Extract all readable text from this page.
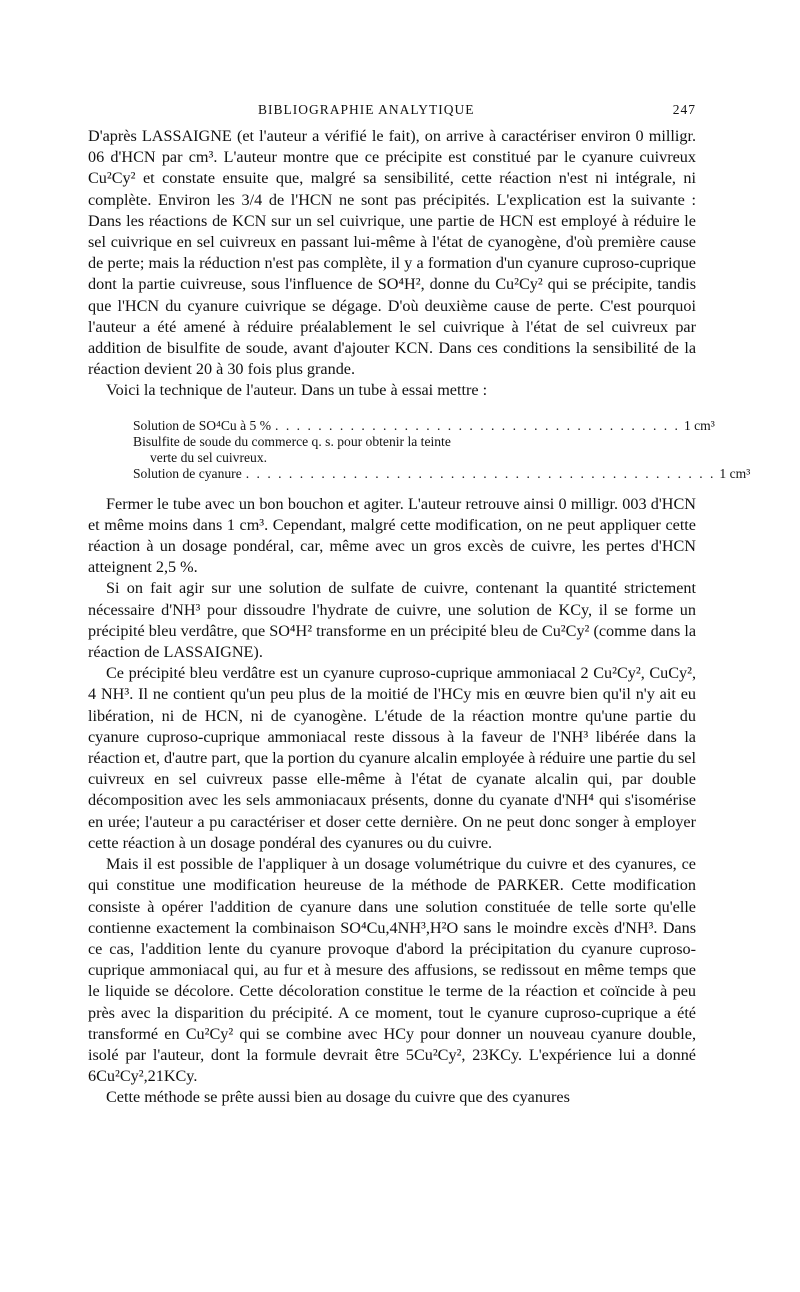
BIBLIOGRAPHIE ANALYTIQUE	247

D'après LASSAIGNE (et l'auteur a vérifié le fait), on arrive à caractériser environ 0 milligr. 06 d'HCN par cm³. L'auteur montre que ce précipite est constitué par le cyanure cuivreux Cu²Cy² et constate ensuite que, malgré sa sensibilité, cette réaction n'est ni intégrale, ni complète. Environ les 3/4 de l'HCN ne sont pas précipités. L'explication est la suivante : Dans les réactions de KCN sur un sel cuivrique, une partie de HCN est employé à réduire le sel cuivrique en sel cuivreux en passant lui-même à l'état de cyanogène, d'où première cause de perte; mais la réduction n'est pas complète, il y a formation d'un cyanure cuproso-cuprique dont la partie cuivreuse, sous l'influence de SO⁴H², donne du Cu²Cy² qui se précipite, tandis que l'HCN du cyanure cuivrique se dégage. D'où deuxième cause de perte. C'est pourquoi l'auteur a été amené à réduire préalablement le sel cuivrique à l'état de sel cuivreux par addition de bisulfite de soude, avant d'ajouter KCN. Dans ces conditions la sensibilité de la réaction devient 20 à 30 fois plus grande.

Voici la technique de l'auteur. Dans un tube à essai mettre :

Solution de SO⁴Cu à 5 % . . . . . . . . . . . . . . . . . . . . . . . . . . . . . . . . . . . . . . 1 cm³
Bisulfite de soude du commerce q. s. pour obtenir la teinte
verte du sel cuivreux.
Solution de cyanure . . . . . . . . . . . . . . . . . . . . . . . . . . . . . . . . . . . . . . . . . . . . 1 cm³

Fermer le tube avec un bon bouchon et agiter. L'auteur retrouve ainsi 0 milligr. 003 d'HCN et même moins dans 1 cm³. Cependant, malgré cette modification, on ne peut appliquer cette réaction à un dosage pondéral, car, même avec un gros excès de cuivre, les pertes d'HCN atteignent 2,5 %.

Si on fait agir sur une solution de sulfate de cuivre, contenant la quantité strictement nécessaire d'NH³ pour dissoudre l'hydrate de cuivre, une solution de KCy, il se forme un précipité bleu verdâtre, que SO⁴H² transforme en un précipité bleu de Cu²Cy² (comme dans la réaction de LASSAIGNE).

Ce précipité bleu verdâtre est un cyanure cuproso-cuprique ammoniacal 2 Cu²Cy², CuCy², 4 NH³. Il ne contient qu'un peu plus de la moitié de l'HCy mis en œuvre bien qu'il n'y ait eu libération, ni de HCN, ni de cyanogène. L'étude de la réaction montre qu'une partie du cyanure cuproso-cuprique ammoniacal reste dissous à la faveur de l'NH³ libérée dans la réaction et, d'autre part, que la portion du cyanure alcalin employée à réduire une partie du sel cuivreux en sel cuivreux passe elle-même à l'état de cyanate alcalin qui, par double décomposition avec les sels ammoniacaux présents, donne du cyanate d'NH⁴ qui s'isomérise en urée; l'auteur a pu caractériser et doser cette dernière. On ne peut donc songer à employer cette réaction à un dosage pondéral des cyanures ou du cuivre.

Mais il est possible de l'appliquer à un dosage volumétrique du cuivre et des cyanures, ce qui constitue une modification heureuse de la méthode de PARKER. Cette modification consiste à opérer l'addition de cyanure dans une solution constituée de telle sorte qu'elle contienne exactement la combinaison SO⁴Cu,4NH³,H²O sans le moindre excès d'NH³. Dans ce cas, l'addition lente du cyanure provoque d'abord la précipitation du cyanure cuproso-cuprique ammoniacal qui, au fur et à mesure des affusions, se redissout en même temps que le liquide se décolore. Cette décoloration constitue le terme de la réaction et coïncide à peu près avec la disparition du précipité. A ce moment, tout le cyanure cuproso-cuprique a été transformé en Cu²Cy² qui se combine avec HCy pour donner un nouveau cyanure double, isolé par l'auteur, dont la formule devrait être 5Cu²Cy², 23KCy. L'expérience lui a donné 6Cu²Cy²,21KCy.

Cette méthode se prête aussi bien au dosage du cuivre que des cyanures
